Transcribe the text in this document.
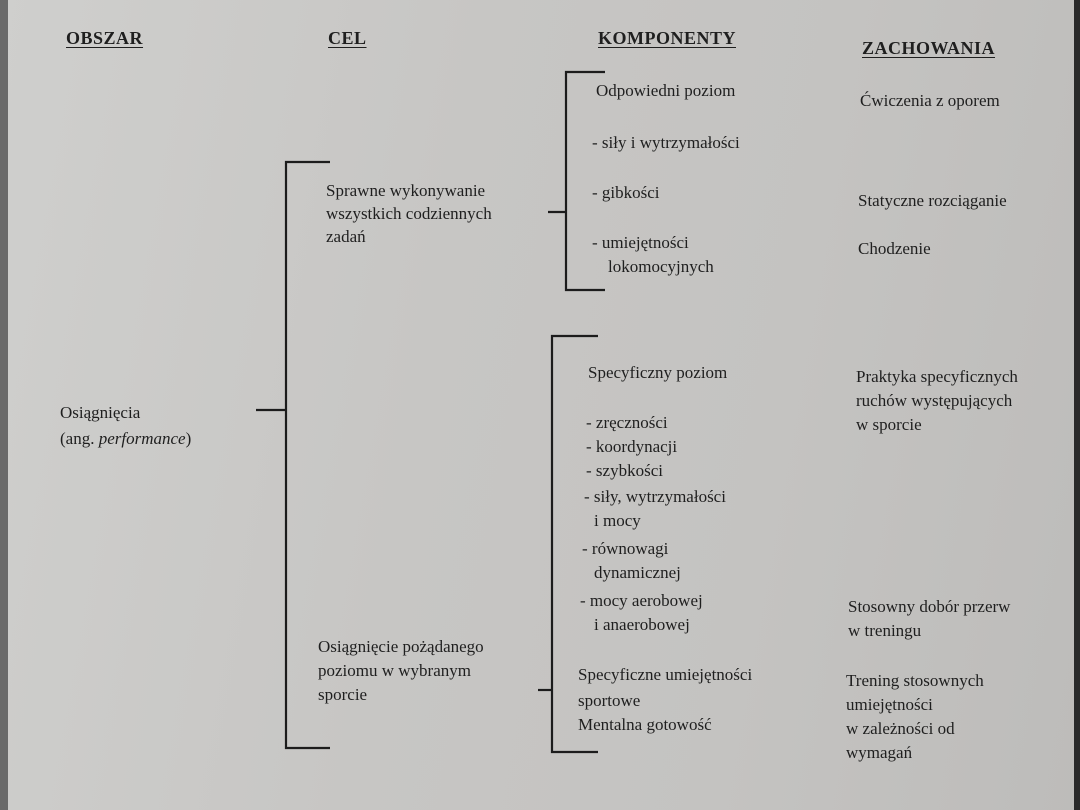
OBSZAR	CEL	KOMPONENTY	ZACHOWANIA
Osiągnięcia
(ang. performance)
Sprawne wykonywanie
wszystkich codziennych
zadań
Osiągnięcie pożądanego
poziomu w wybranym
sporcie
Odpowiedni poziom
- siły i wytrzymałości
- gibkości
- umiejętności
lokomocyjnych
Specyficzny poziom
- zręczności
- koordynacji
- szybkości
- siły, wytrzymałości
i mocy
- równowagi
dynamicznej
- mocy aerobowej
i anaerobowej
Specyficzne umiejętności
sportowe
Mentalna gotowość
Ćwiczenia z oporem
Statyczne rozciąganie
Chodzenie
Praktyka specyficznych
ruchów występujących
w sporcie
Stosowny dobór przerw
w treningu
Trening stosownych
umiejętności
w zależności od
wymagań
